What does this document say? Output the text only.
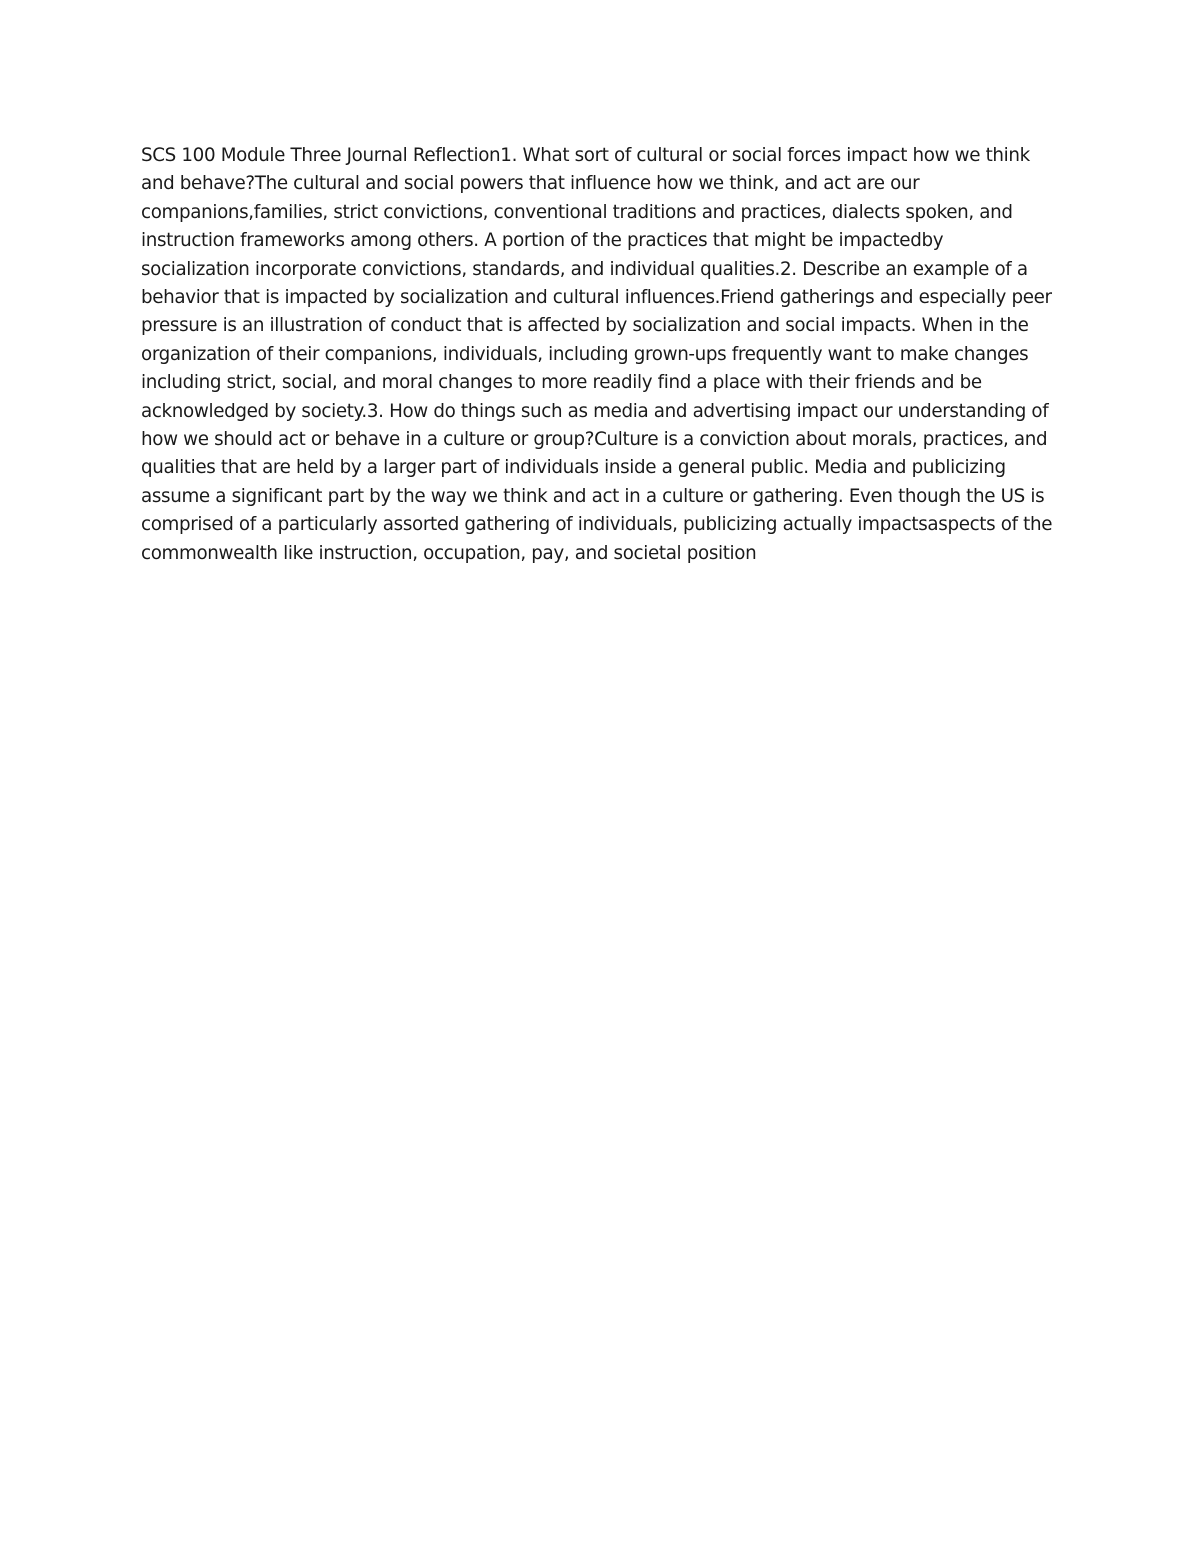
SCS 100 Module Three Journal Reflection1. What sort of cultural or social forces impact how we think and behave?The cultural and social powers that influence how we think, and act are our companions,families, strict convictions, conventional traditions and practices, dialects spoken, and instruction frameworks among others. A portion of the practices that might be impactedby socialization incorporate convictions, standards, and individual qualities.2. Describe an example of a behavior that is impacted by socialization and cultural influences.Friend gatherings and especially peer pressure is an illustration of conduct that is affected by socialization and social impacts. When in the organization of their companions, individuals, including grown-ups frequently want to make changes including strict, social, and moral changes to more readily find a place with their friends and be acknowledged by society.3. How do things such as media and advertising impact our understanding of how we should act or behave in a culture or group?Culture is a conviction about morals, practices, and qualities that are held by a larger part of individuals inside a general public. Media and publicizing assume a significant part by the way we think and act in a culture or gathering. Even though the US is comprised of a particularly assorted gathering of individuals, publicizing actually impactsaspects of the commonwealth like instruction, occupation, pay, and societal position
